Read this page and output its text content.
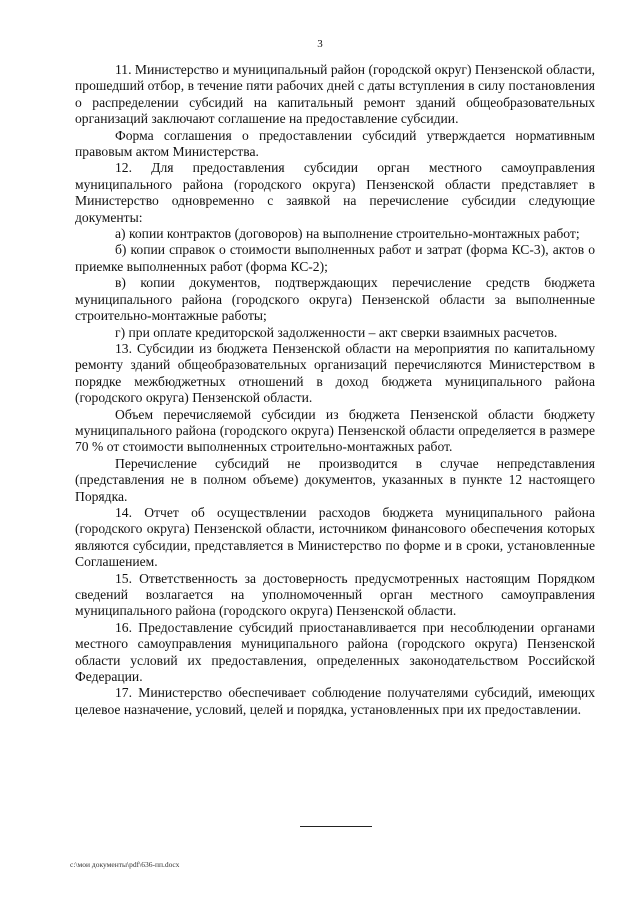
3

11. Министерство и муниципальный район (городской округ) Пензенской области, прошедший отбор, в течение пяти рабочих дней с даты вступления в силу постановления о распределении субсидий на капитальный ремонт зданий общеобразовательных организаций заключают соглашение на предоставление субсидии.

Форма соглашения о предоставлении субсидий утверждается нормативным правовым актом Министерства.

12. Для предоставления субсидии орган местного самоуправления муниципального района (городского округа) Пензенской области представляет в Министерство одновременно с заявкой на перечисление субсидии следующие документы:

а) копии контрактов (договоров) на выполнение строительно-монтажных работ;

б) копии справок о стоимости выполненных работ и затрат (форма КС-3), актов о приемке выполненных работ (форма КС-2);

в) копии документов, подтверждающих перечисление средств бюджета муниципального района (городского округа) Пензенской области за выполненные строительно-монтажные работы;

г) при оплате кредиторской задолженности – акт сверки взаимных расчетов.

13. Субсидии из бюджета Пензенской области на мероприятия по капитальному ремонту зданий общеобразовательных организаций перечисляются Министерством в порядке межбюджетных отношений в доход бюджета муниципального района (городского округа) Пензенской области.

Объем перечисляемой субсидии из бюджета Пензенской области бюджету муниципального района (городского округа) Пензенской области определяется в размере 70 % от стоимости выполненных строительно-монтажных работ.

Перечисление субсидий не производится в случае непредставления (представления не в полном объеме) документов, указанных в пункте 12 настоящего Порядка.

14. Отчет об осуществлении расходов бюджета муниципального района (городского округа) Пензенской области, источником финансового обеспечения которых являются субсидии, представляется в Министерство по форме и в сроки, установленные Соглашением.

15. Ответственность за достоверность предусмотренных настоящим Порядком сведений возлагается на уполномоченный орган местного самоуправления муниципального района (городского округа) Пензенской области.

16. Предоставление субсидий приостанавливается при несоблюдении органами местного самоуправления муниципального района (городского округа) Пензенской области условий их предоставления, определенных законодательством Российской Федерации.

17. Министерство обеспечивает соблюдение получателями субсидий, имеющих целевое назначение, условий, целей и порядка, установленных при их предоставлении.

c:\мои документы\pdf\636-пп.docx
